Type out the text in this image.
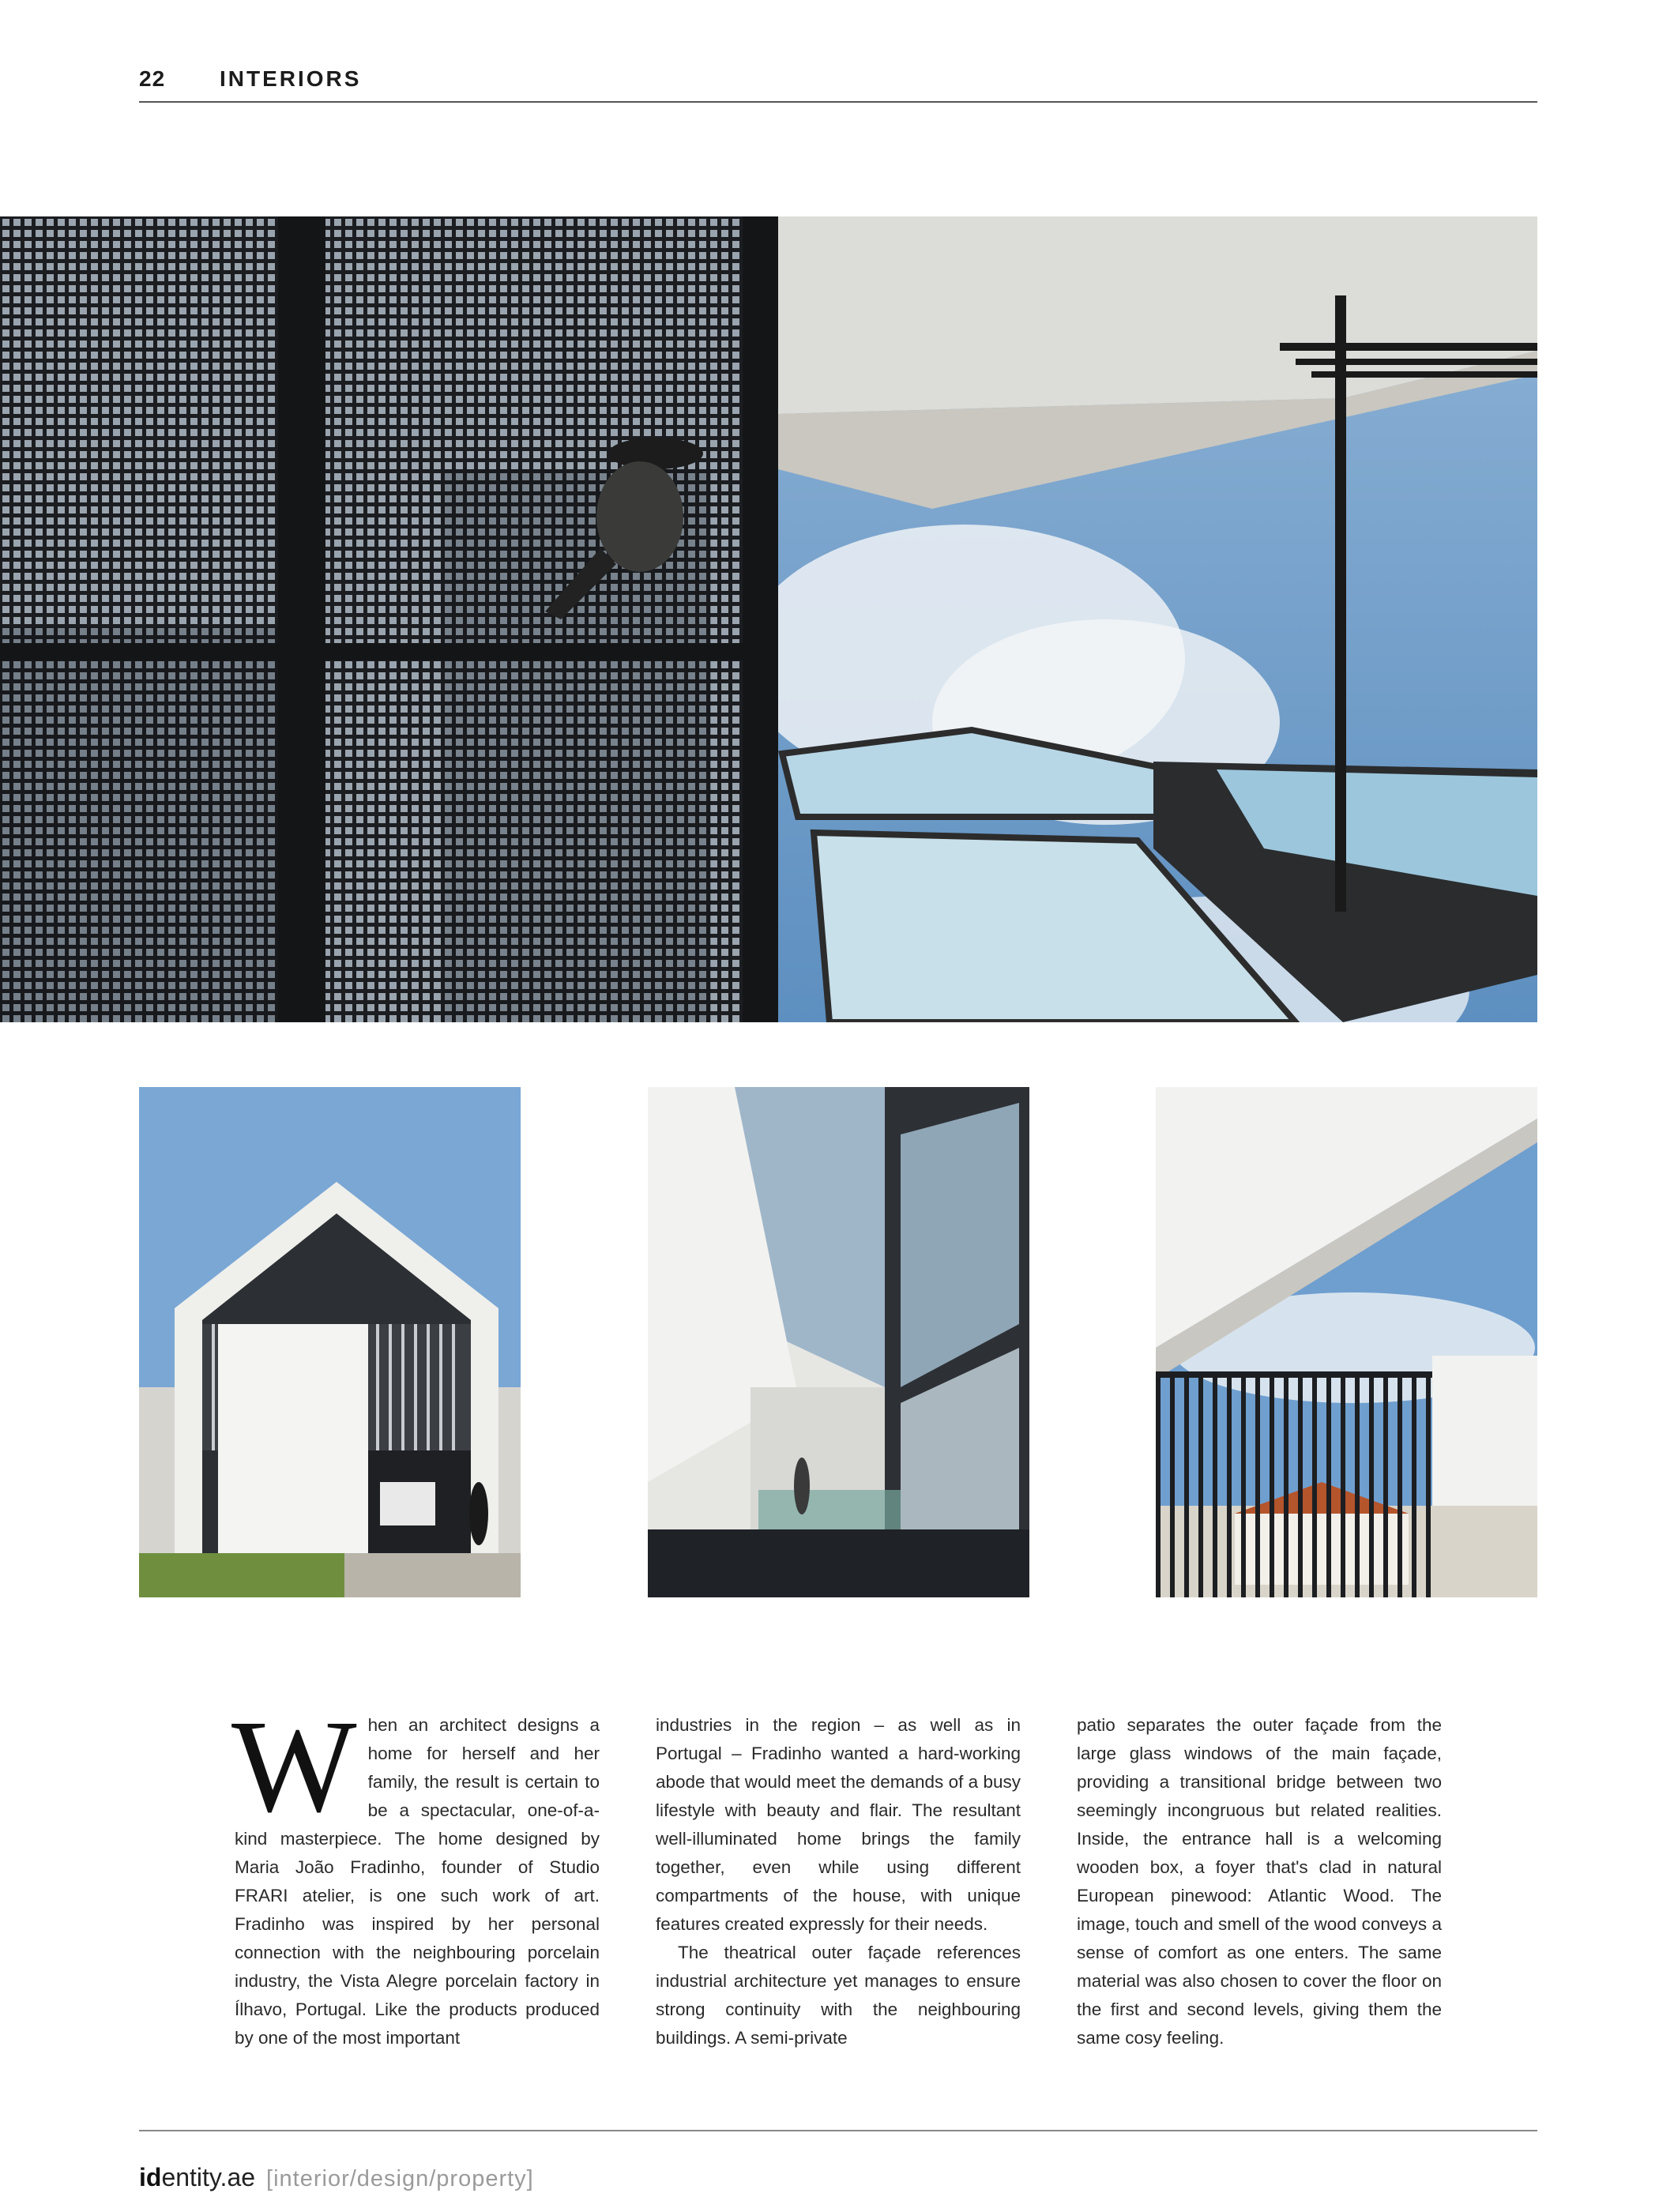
22 INTERIORS

When an architect designs a home for herself and her family, the result is certain to be a spectacular, one-of-a-kind masterpiece. The home designed by Maria João Fradinho, founder of Studio FRARI atelier, is one such work of art. Fradinho was inspired by her personal connection with the neighbouring porcelain industry, the Vista Alegre porcelain factory in Ílhavo, Portugal. Like the products produced by one of the most important

industries in the region – as well as in Portugal – Fradinho wanted a hard-working abode that would meet the demands of a busy lifestyle with beauty and flair. The resultant well-illuminated home brings the family together, even while using different compartments of the house, with unique features created expressly for their needs.

The theatrical outer façade references industrial architecture yet manages to ensure strong continuity with the neighbouring buildings. A semi-private

patio separates the outer façade from the large glass windows of the main façade, providing a transitional bridge between two seemingly incongruous but related realities. Inside, the entrance hall is a welcoming wooden box, a foyer that's clad in natural European pinewood: Atlantic Wood. The image, touch and smell of the wood conveys a sense of comfort as one enters. The same material was also chosen to cover the floor on the first and second levels, giving them the same cosy feeling.

identity.ae [interior/design/property]
